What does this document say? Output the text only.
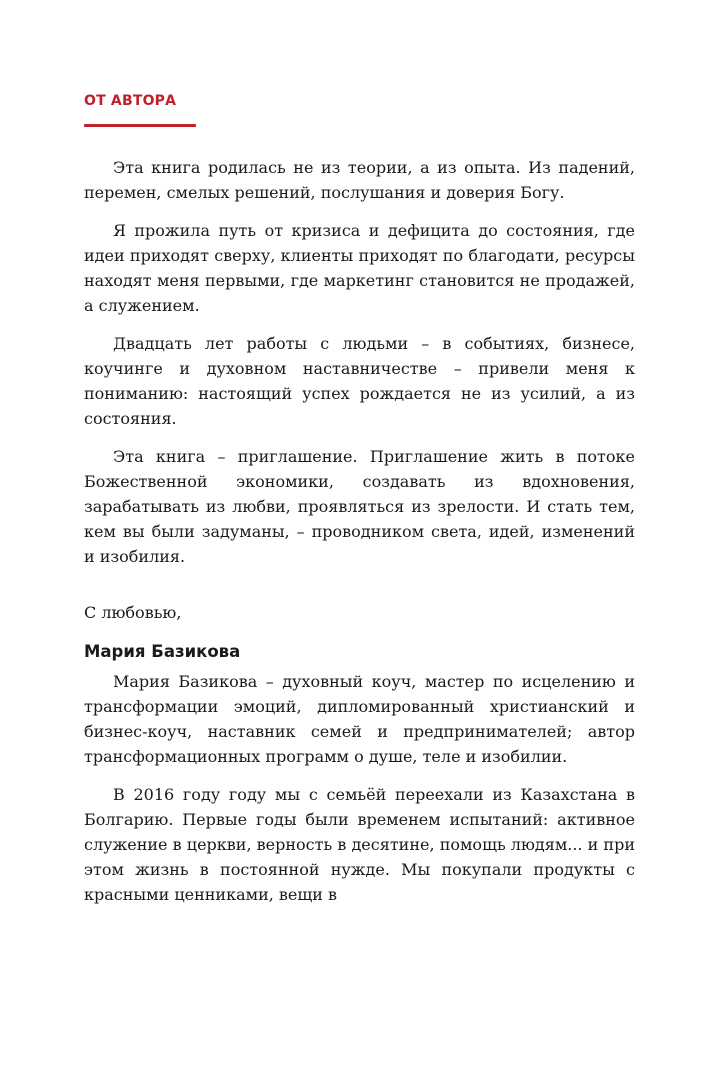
ОТ АВТОРА

Эта книга родилась не из теории, а из опыта. Из падений, перемен, смелых решений, послушания и доверия Богу.

Я прожила путь от кризиса и дефицита до состояния, где идеи приходят сверху, клиенты приходят по благодати, ресурсы находят меня первыми, где маркетинг становится не продажей, а служением.

Двадцать лет работы с людьми – в событиях, бизнесе, коучинге и духовном наставничестве – привели меня к пониманию: настоящий успех рождается не из усилий, а из состояния.

Эта книга – приглашение. Приглашение жить в потоке Божественной экономики, создавать из вдохновения, зарабатывать из любви, проявляться из зрелости. И стать тем, кем вы были задуманы, – проводником света, идей, изменений и изобилия.

С любовью,

Мария Базикова

Мария Базикова – духовный коуч, мастер по исцелению и трансформации эмоций, дипломированный христианский и бизнес-коуч, наставник семей и предпринимателей; автор трансформационных программ о душе, теле и изобилии.

В 2016 году году мы с семьёй переехали из Казахстана в Болгарию. Первые годы были временем испытаний: активное служение в церкви, верность в десятине, помощь людям... и при этом жизнь в постоянной нужде. Мы покупали продукты с красными ценниками, вещи в
